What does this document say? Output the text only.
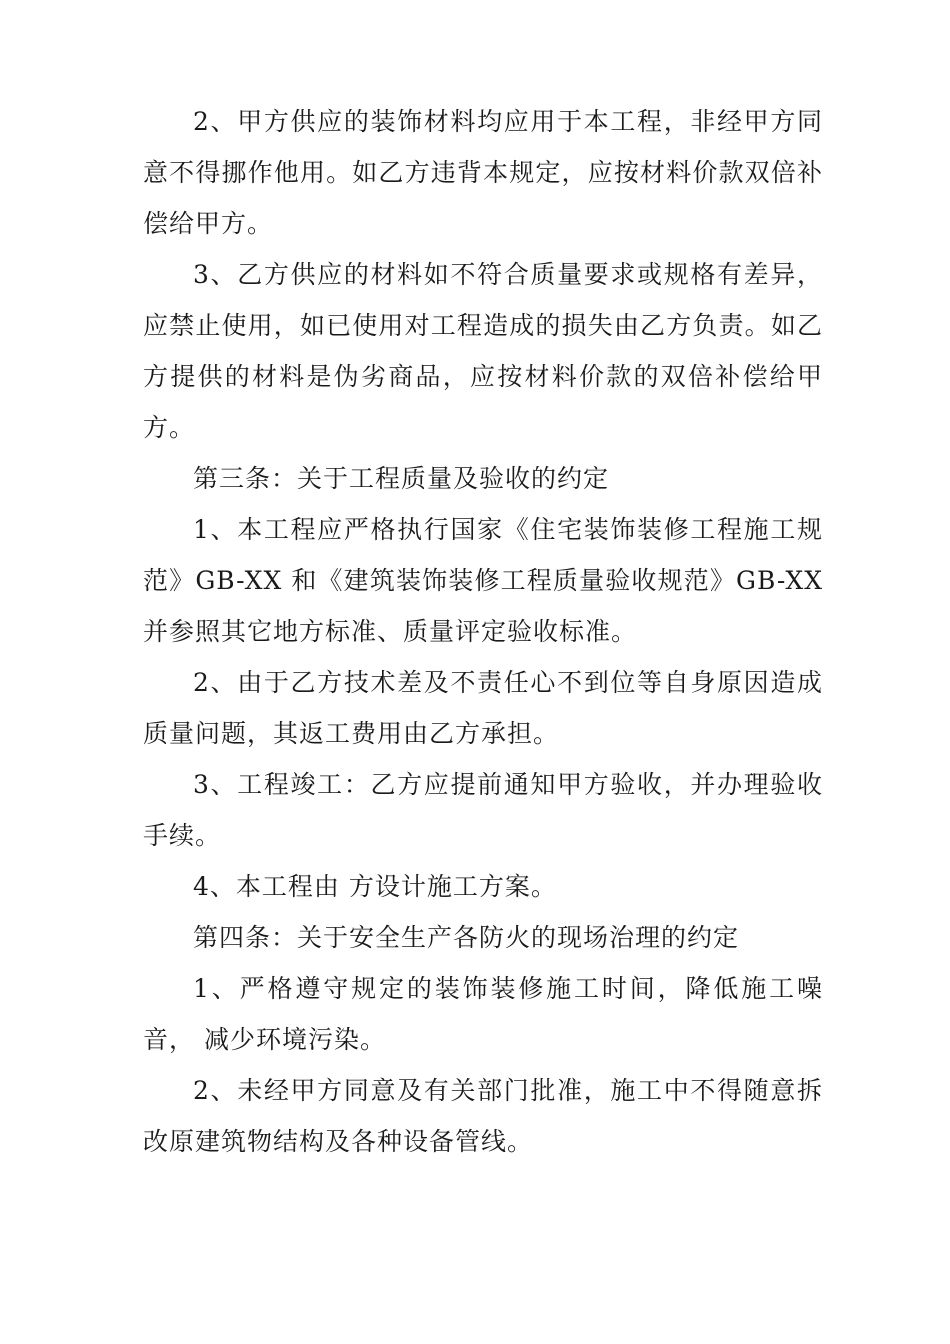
2、甲方供应的装饰材料均应用于本工程，非经甲方同意不得挪作他用。如乙方违背本规定，应按材料价款双倍补偿给甲方。

3、乙方供应的材料如不符合质量要求或规格有差异，应禁止使用，如已使用对工程造成的损失由乙方负责。如乙方提供的材料是伪劣商品，应按材料价款的双倍补偿给甲方。

第三条：关于工程质量及验收的约定

1、本工程应严格执行国家《住宅装饰装修工程施工规范》GB-XX 和《建筑装饰装修工程质量验收规范》GB-XX 并参照其它地方标准、质量评定验收标准。

2、由于乙方技术差及不责任心不到位等自身原因造成质量问题，其返工费用由乙方承担。

3、工程竣工：乙方应提前通知甲方验收，并办理验收手续。

4、本工程由 方设计施工方案。

第四条：关于安全生产各防火的现场治理的约定

1、严格遵守规定的装饰装修施工时间，降低施工噪音， 减少环境污染。

2、未经甲方同意及有关部门批准，施工中不得随意拆改原建筑物结构及各种设备管线。
